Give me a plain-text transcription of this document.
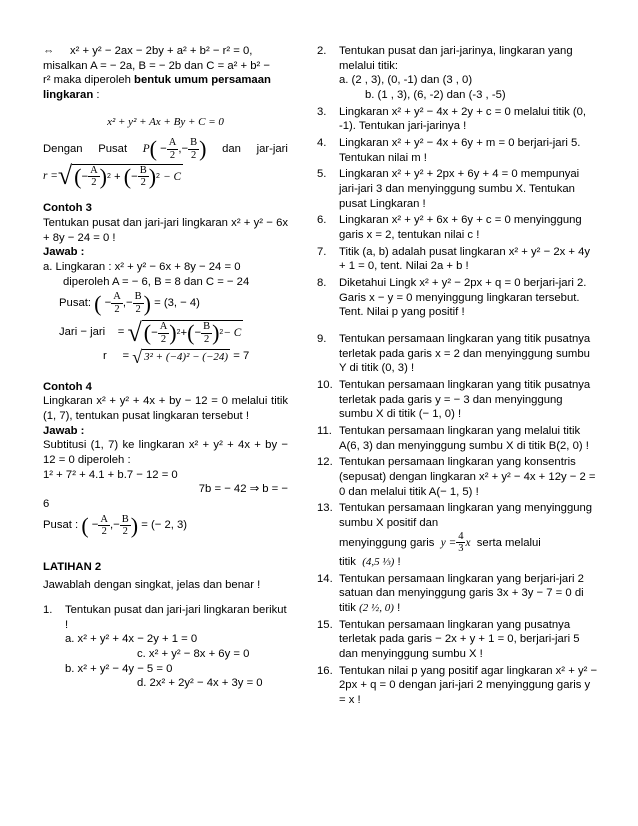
⇔ x² + y² − 2ax − 2by + a² + b² − r² = 0,
misalkan A = − 2a, B = − 2b dan C = a² + b² −
r² maka diperoleh bentuk umum persamaan
lingkaran :

x² + y² + Ax + By + C = 0
Dengan Pusat P ( − $\frac{A}{2}$ ,− $\frac{B}{2}$ ) dan jar-jari
r = √ ( − $\frac{A}{2}$ ) 2 + ( − $\frac{B}{2}$ ) 2
− C

Contoh 3

Tentukan pusat dan jari-jari lingkaran x² + y² − 6x + 8y − 24 = 0 !

Jawab :

a. Lingkaran : x² + y² − 6x + 8y − 24 = 0

diperoleh A = − 6, B = 8 dan C = − 24

Pusat:
( − $\frac{A}{2}$ ,− $\frac{B}{2}$ )
= (3, − 4)
Jari − jari
=
√ ( − $\frac{A}{2}$ ) 2 + ( − $\frac{B}{2}$ ) 2 − C
r
=
√ 3² + (−4)² − (−24)
= 7

Contoh 4

Lingkaran x² + y² + 4x + by − 12 = 0 melalui titik (1, 7), tentukan pusat lingkaran tersebut !

Jawab :

Subtitusi (1, 7) ke lingkaran x² + y² + 4x + by − 12 = 0 diperoleh :

1² + 7² + 4.1 + b.7 − 12 = 0

7b = − 42 ⇒ b = −

6

Pusat :
( − $\frac{A}{2}$ ,− $\frac{B}{2}$ )
= (− 2, 3)

LATIHAN 2

Jawablah dengan singkat, jelas dan benar !

1.	Tentukan pusat dan jari-jari lingkaran berikut !
a. x² + y² + 4x − 2y + 1 = 0
c. x² + y² − 8x + 6y = 0
b. x² + y² − 4y − 5 = 0
d. 2x² + 2y² − 4x + 3y = 0
2.	Tentukan pusat dan jari-jarinya, lingkaran yang melalui titik:
a. (2 , 3), (0, -1) dan (3 , 0)
b. (1 , 3), (6, -2) dan (-3 , -5)
3.	Lingkaran x² + y² − 4x + 2y + c = 0 melalui titik (0, -1). Tentukan jari-jarinya !
4.	Lingkaran x² + y² − 4x + 6y + m = 0 berjari-jari 5. Tentukan nilai m !
5.	Lingkaran x² + y² + 2px + 6y + 4 = 0 mempunyai jari-jari 3 dan menyinggung sumbu X. Tentukan pusat Lingkaran !
6.	Lingkaran x² + y² + 6x + 6y + c = 0 menyinggung garis x = 2, tentukan nilai c !
7.	Titik (a, b) adalah pusat lingkaran x² + y² − 2x + 4y + 1 = 0, tent. Nilai 2a + b !
8.	Diketahui Lingk x² + y² − 2px + q = 0 berjari-jari 2. Garis x − y = 0 menyinggung lingkaran tersebut. Tent. Nilai p yang positif !
9.	Tentukan persamaan lingkaran yang titik pusatnya terletak pada garis x = 2 dan menyinggung sumbu Y di titik (0, 3) !
10. Tentukan persamaan lingkaran yang titik pusatnya terletak pada garis y = − 3 dan menyinggung sumbu X di titik (− 1, 0) !
11. Tentukan persamaan lingkaran yang melalui titik A(6, 3) dan menyinggung sumbu X di titik B(2, 0) !
12. Tentukan persamaan lingkaran yang konsentris (sepusat) dengan lingkaran x² + y² − 4x + 12y − 2 = 0 dan melalui titik A(− 1, 5) !
13. Tentukan persamaan lingkaran yang menyinggung sumbu X positif dan

menyinggung garis
$y = \frac{4}{3}$ x
serta melalui
titik (4,5 ⅓) !
14. Tentukan persamaan lingkaran yang berjari-jari 2 satuan dan menyinggung garis 3x + 3y − 7 = 0 di titik (2 ½, 0) !
15. Tentukan persamaan lingkaran yang pusatnya terletak pada garis − 2x + y + 1 = 0, berjari-jari 5 dan menyinggung sumbu X !
16. Tentukan nilai p yang positif agar lingkaran x² + y² − 2px + q = 0 dengan jari-jari 2 menyinggung garis y = x !
